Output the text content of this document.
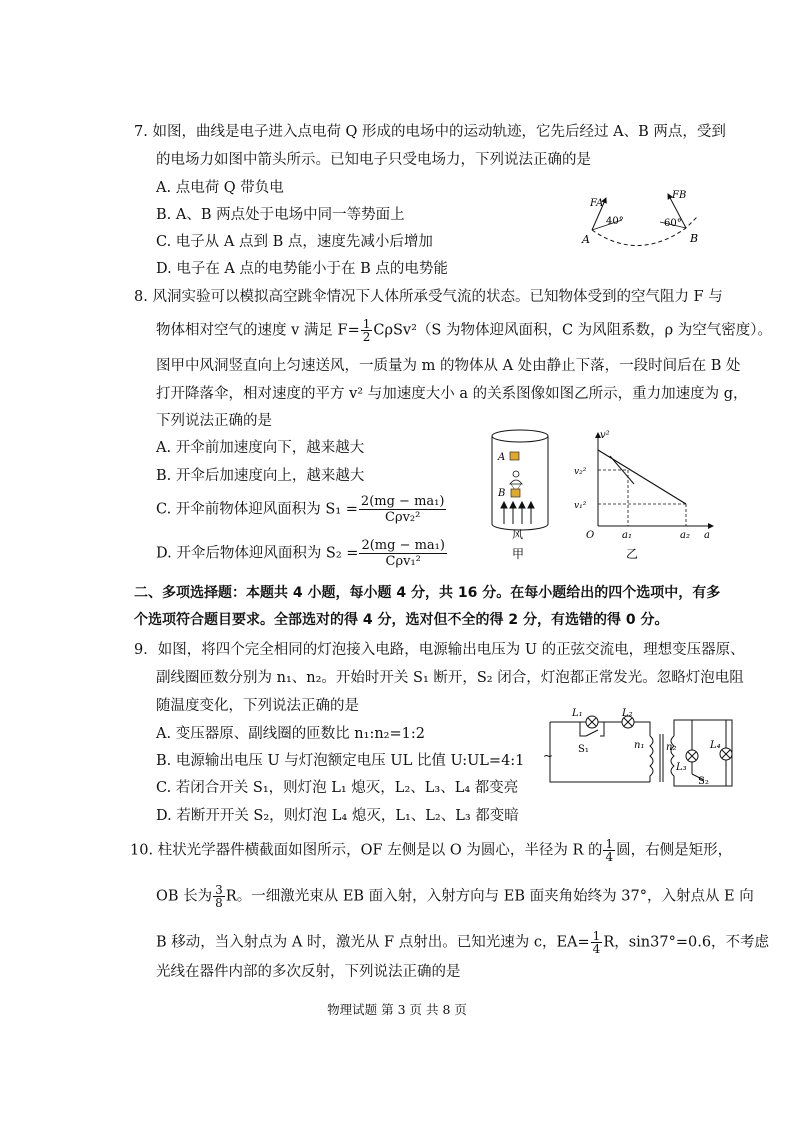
7. 如图，曲线是电子进入点电荷 Q 形成的电场中的运动轨迹，它先后经过 A、B 两点，受到
的电场力如图中箭头所示。已知电子只受电场力，下列说法正确的是
A. 点电荷 Q 带负电
B. A、B 两点处于电场中同一等势面上
C. 电子从 A 点到 B 点，速度先减小后增加
D. 电子在 A 点的电势能小于在 B 点的电势能
FA
FB
40°	60°
A	B
8. 风洞实验可以模拟高空跳伞情况下人体所承受气流的状态。已知物体受到的空气阻力 F 与
物体相对空气的速度 v 满足 $F= \frac{1}{2} C\rho Sv^2(S$ 为物体迎风面积，C 为风阻系数，ρ 为空气密度）。
图甲中风洞竖直向上匀速送风，一质量为 m 的物体从 A 处由静止下落，一段时间后在 B 处
打开降落伞，相对速度的平方 v² 与加速度大小 a 的关系图像如图乙所示，重力加速度为 g，
下列说法正确的是
A. 开伞前加速度向下，越来越大
B. 开伞后加速度向上，越来越大
C. 开伞前物体迎风面积为 $S_1 = \frac{\text{2(mg − ma₁)}}{\text{Cρv₂²}}$
D. 开伞后物体迎风面积为 $S_2 = \frac{\text{2(mg − ma₁)}}{\text{Cρv₁²}}$
A
B
风
甲
v²
v₂²
v₁²
O	a₁	a₂ a
乙
二、多项选择题：本题共 4 小题，每小题 4 分，共 16 分。在每小题给出的四个选项中，有多
个选项符合题目要求。全部选对的得 4 分，选对但不全的得 2 分，有选错的得 0 分。
9．如图，将四个完全相同的灯泡接入电路，电源输出电压为 U 的正弦交流电，理想变压器原、
副线圈匝数分别为 n₁、n₂。开始时开关 S₁ 断开，S₂ 闭合，灯泡都正常发光。忽略灯泡电阻
随温度变化，下列说法正确的是
A. 变压器原、副线圈的匝数比 n₁:n₂=1:2
B. 电源输出电压 U 与灯泡额定电压 UL 比值 U:UL=4:1
C. 若闭合开关 S₁，则灯泡 L₁ 熄灭，L₂、L₃、L₄ 都变亮
D. 若断开开关 S₂，则灯泡 L₄ 熄灭，L₁、L₂、L₃ 都变暗
~
L₁	L₂
S₁	n₁ n₂
L₃
L₄
S₂
10. 柱状光学器件横截面如图所示，OF 左侧是以 O 为圆心，半径为 R 的 $\frac{1}{4}$ 圆，右侧是矩形，
OB 长为 $\frac{3}{8}$ R。一细激光束从 EB 面入射，入射方向与 EB 面夹角始终为 37°，入射点从 E 向
B 移动，当入射点为 A 时，激光从 F 点射出。已知光速为 c，$EA= \frac{1}{4}$ R，sin37°=0.6，不考虑
光线在器件内部的多次反射，下列说法正确的是
物理试题 第 3 页 共 8 页
